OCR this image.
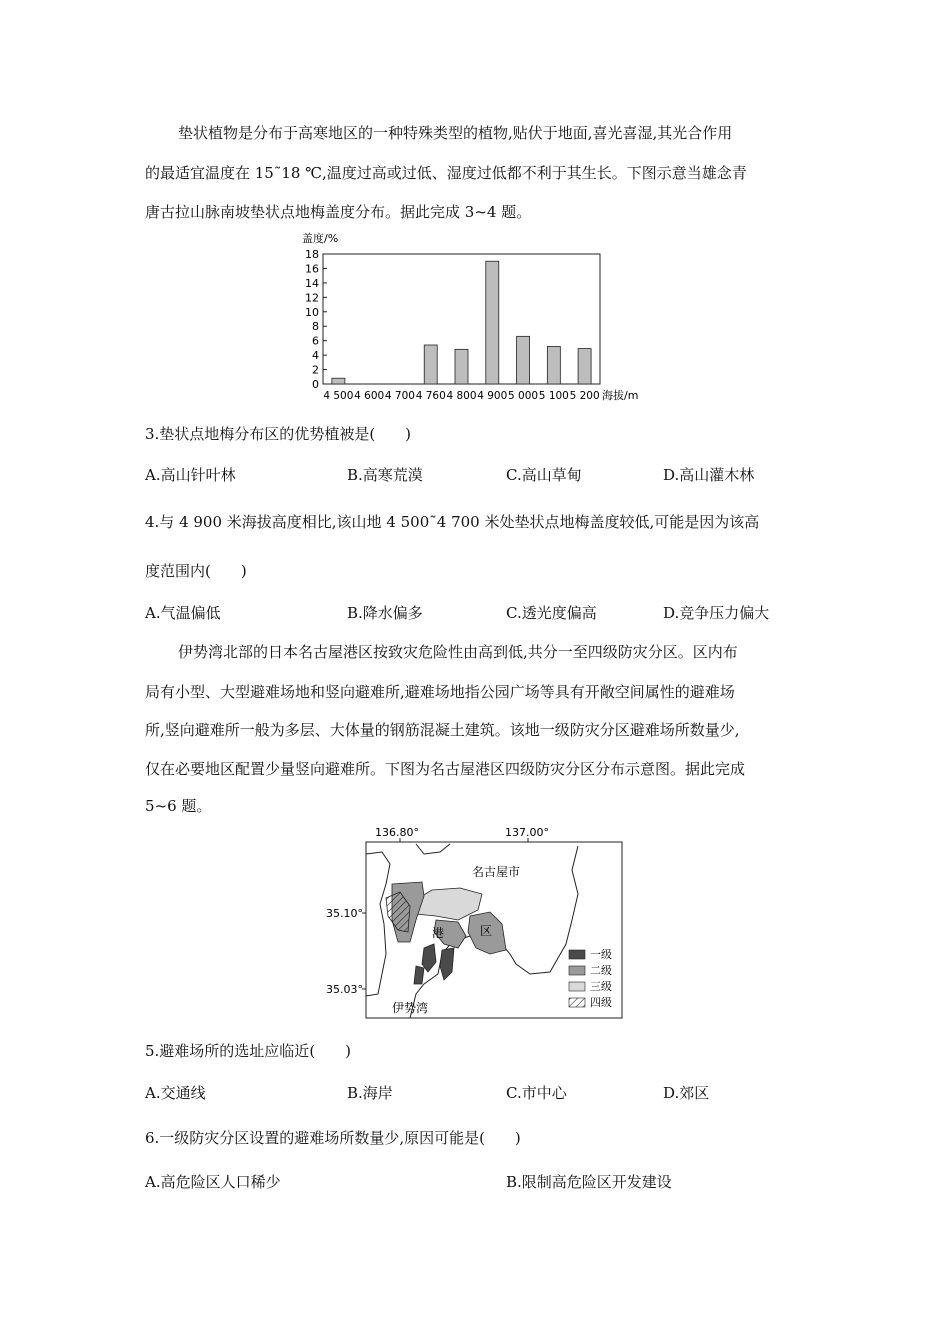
垫状植物是分布于高寒地区的一种特殊类型的植物,贴伏于地面,喜光喜湿,其光合作用
的最适宜温度在 15˜18 ℃,温度过高或过低、湿度过低都不利于其生长。下图示意当雄念青
唐古拉山脉南坡垫状点地梅盖度分布。据此完成 3~4 题。
盖度/%
0
2
4
6
8
10
12
14
16
18
4 500 4 600 4 700 4 760 4 800 4 900 5 000 5 100 5 200 海拔/m
3.垫状点地梅分布区的优势植被是(　　)
A.高山针叶林	B.高寒荒漠	C.高山草甸	D.高山灌木林
4.与 4 900 米海拔高度相比,该山地 4 500˜4 700 米处垫状点地梅盖度较低,可能是因为该高
度范围内(　　)
A.气温偏低	B.降水偏多	C.透光度偏高	D.竞争压力偏大
伊势湾北部的日本名古屋港区按致灾危险性由高到低,共分一至四级防灾分区。区内布
局有小型、大型避难场地和竖向避难所,避难场地指公园广场等具有开敞空间属性的避难场
所,竖向避难所一般为多层、大体量的钢筋混凝土建筑。该地一级防灾分区避难场所数量少,
仅在必要地区配置少量竖向避难所。下图为名古屋港区四级防灾分区分布示意图。据此完成
5~6 题。
136.80°	137.00°
35.10°
35.03°
名古屋市
港	区
伊势湾
一级
二级
三级
四级
5.避难场所的选址应临近(　　)
A.交通线	B.海岸	C.市中心	D.郊区
6.一级防灾分区设置的避难场所数量少,原因可能是(　　)
A.高危险区人口稀少	B.限制高危险区开发建设
